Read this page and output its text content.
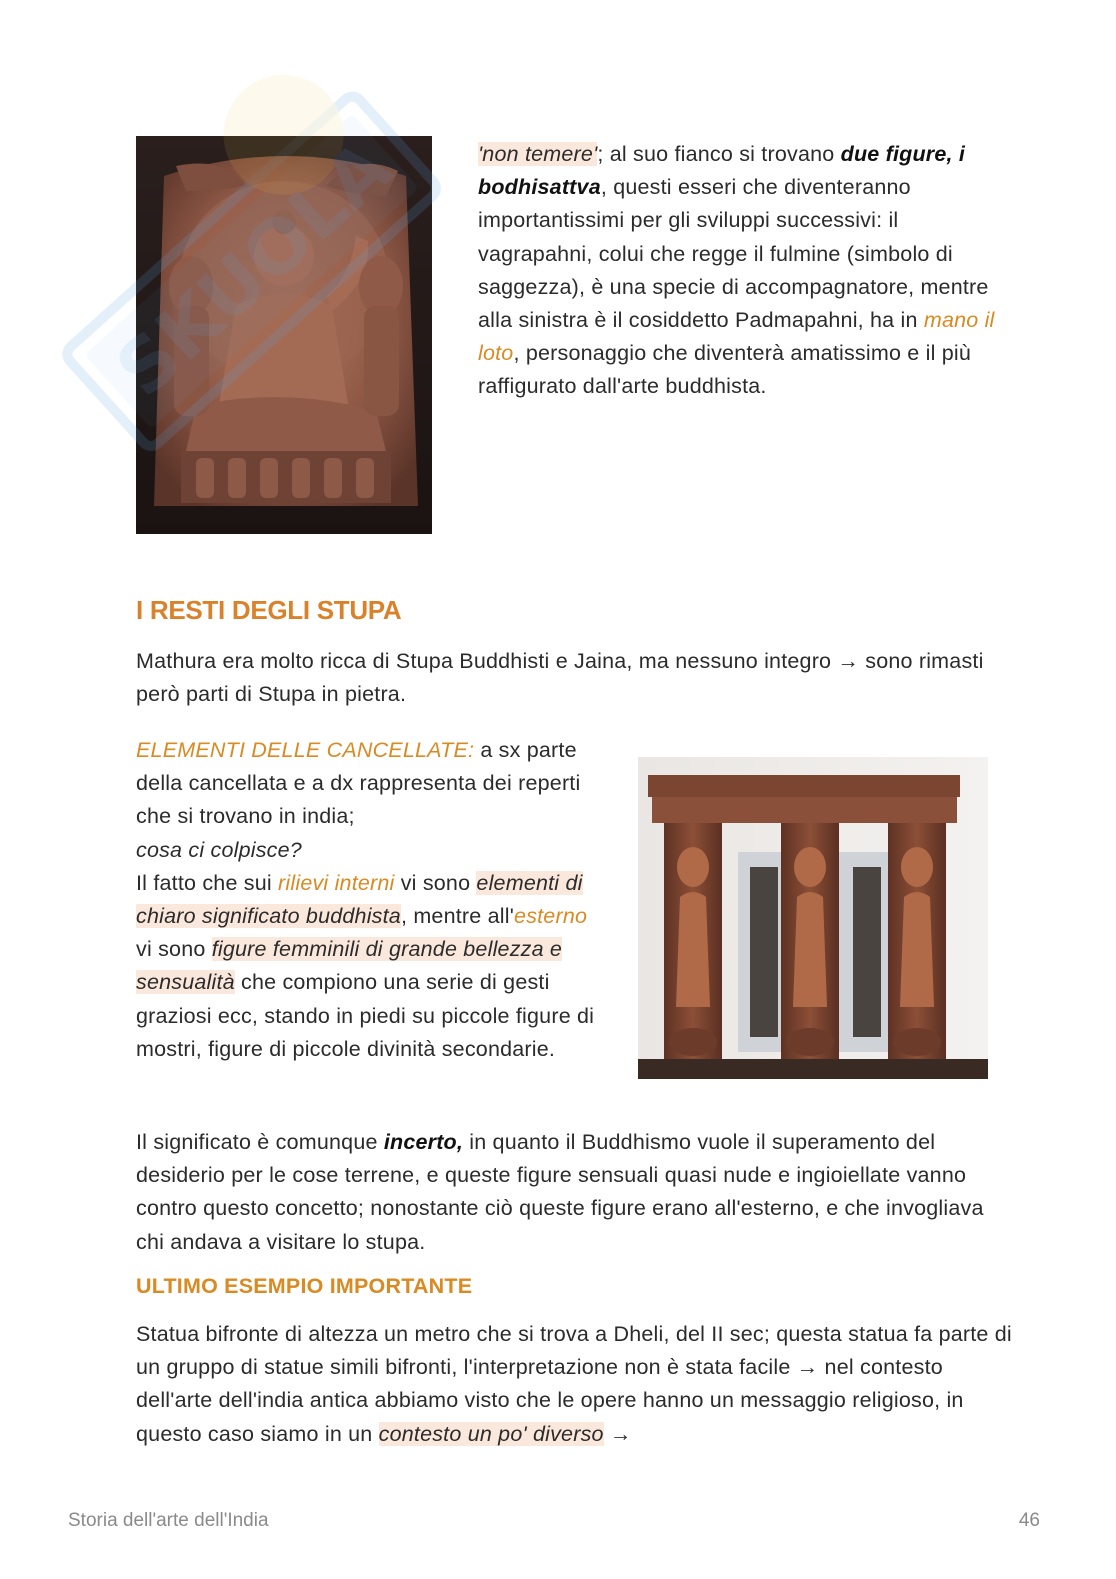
'non temere'; al suo fianco si trovano due figure, i bodhisattva, questi esseri che diventeranno importantissimi per gli sviluppi successivi: il vagrapahni, colui che regge il fulmine (simbolo di saggezza), è una specie di accompagnatore, mentre alla sinistra è il cosiddetto Padmapahni, ha in mano il loto, personaggio che diventerà amatissimo e il più raffigurato dall'arte buddhista.

I RESTI DEGLI STUPA

Mathura era molto ricca di Stupa Buddhisti e Jaina, ma nessuno integro → sono rimasti però parti di Stupa in pietra.

ELEMENTI DELLE CANCELLATE: a sx parte della cancellata e a dx rappresenta dei reperti che si trovano in india;
cosa ci colpisce?
Il fatto che sui rilievi interni vi sono elementi di chiaro significato buddhista, mentre all'esterno vi sono figure femminili di grande bellezza e sensualità che compiono una serie di gesti graziosi ecc, stando in piedi su piccole figure di mostri, figure di piccole divinità secondarie.

Il significato è comunque incerto, in quanto il Buddhismo vuole il superamento del desiderio per le cose terrene, e queste figure sensuali quasi nude e ingioiellate vanno contro questo concetto; nonostante ciò queste figure erano all'esterno, e che invogliava chi andava a visitare lo stupa.

ULTIMO ESEMPIO IMPORTANTE

Statua bifronte di altezza un metro che si trova a Dheli, del II sec; questa statua fa parte di un gruppo di statue simili bifronti, l'interpretazione non è stata facile → nel contesto dell'arte dell'india antica abbiamo visto che le opere hanno un messaggio religioso, in questo caso siamo in un contesto un po' diverso →

Storia dell'arte dell'India	46
